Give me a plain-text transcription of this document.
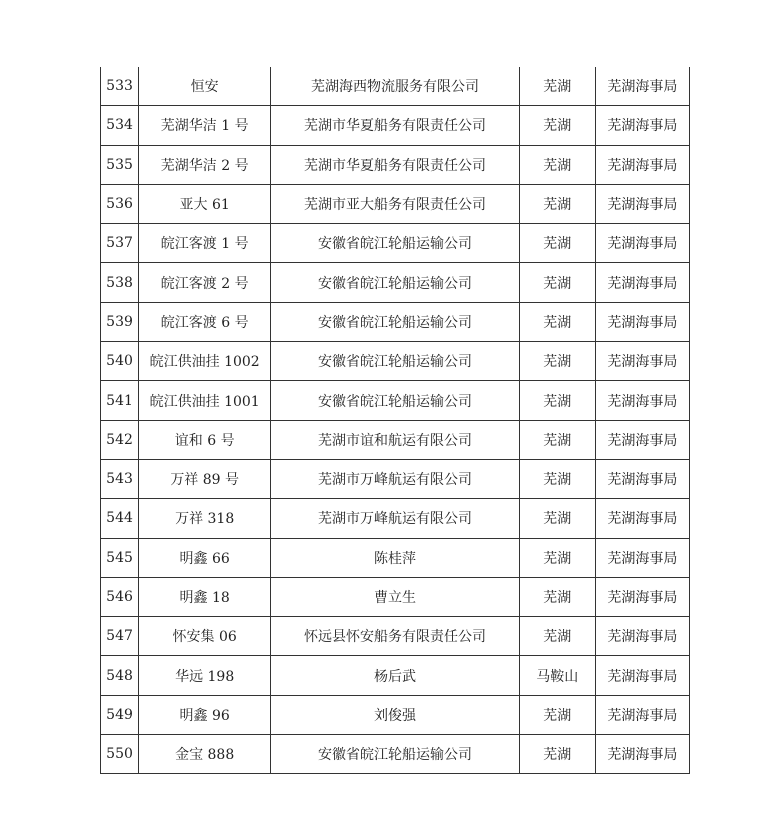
533	恒安	芜湖海西物流服务有限公司	芜湖	芜湖海事局
534	芜湖华洁 1 号	芜湖市华夏船务有限责任公司	芜湖	芜湖海事局
535	芜湖华洁 2 号	芜湖市华夏船务有限责任公司	芜湖	芜湖海事局
536	亚大 61	芜湖市亚大船务有限责任公司	芜湖	芜湖海事局
537	皖江客渡 1 号	安徽省皖江轮船运输公司	芜湖	芜湖海事局
538	皖江客渡 2 号	安徽省皖江轮船运输公司	芜湖	芜湖海事局
539	皖江客渡 6 号	安徽省皖江轮船运输公司	芜湖	芜湖海事局
540	皖江供油挂 1002	安徽省皖江轮船运输公司	芜湖	芜湖海事局
541	皖江供油挂 1001	安徽省皖江轮船运输公司	芜湖	芜湖海事局
542	谊和 6 号	芜湖市谊和航运有限公司	芜湖	芜湖海事局
543	万祥 89 号	芜湖市万峰航运有限公司	芜湖	芜湖海事局
544	万祥 318	芜湖市万峰航运有限公司	芜湖	芜湖海事局
545	明鑫 66	陈桂萍	芜湖	芜湖海事局
546	明鑫 18	曹立生	芜湖	芜湖海事局
547	怀安集 06	怀远县怀安船务有限责任公司	芜湖	芜湖海事局
548	华远 198	杨后武	马鞍山	芜湖海事局
549	明鑫 96	刘俊强	芜湖	芜湖海事局
550	金宝 888	安徽省皖江轮船运输公司	芜湖	芜湖海事局
